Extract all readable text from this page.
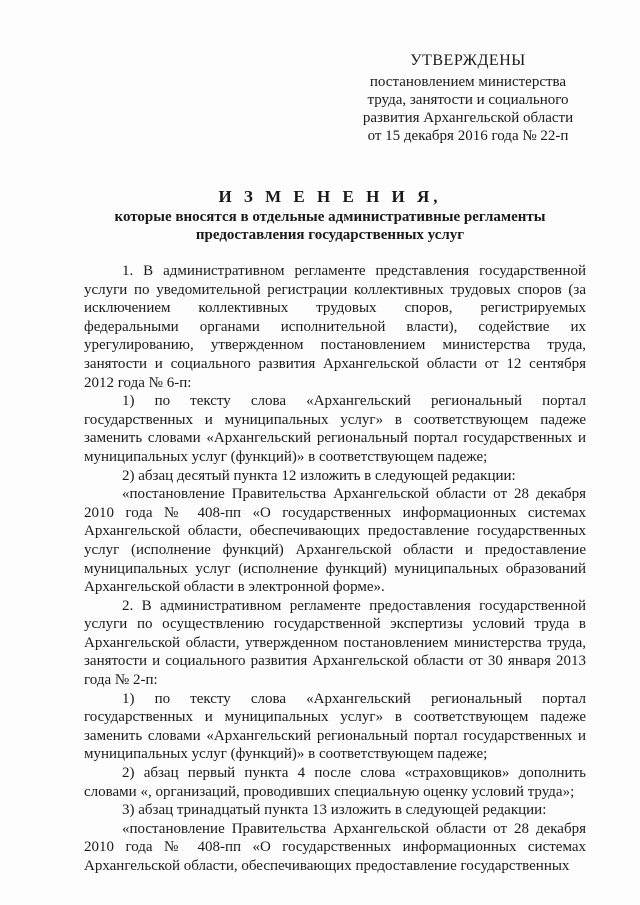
УТВЕРЖДЕНЫ
постановлением министерства
труда, занятости и социального
развития Архангельской области
от 15 декабря 2016 года № 22-п
И З М Е Н Е Н И Я,
которые вносятся в отдельные административные регламенты
предоставления государственных услуг

1. В административном регламенте представления государственной услуги по уведомительной регистрации коллективных трудовых споров (за исключением коллективных трудовых споров, регистрируемых федеральными органами исполнительной власти), содействие их урегулированию, утвержденном постановлением министерства труда, занятости и социального развития Архангельской области от 12 сентября 2012 года № 6-п:

1) по тексту слова «Архангельский региональный портал государственных и муниципальных услуг» в соответствующем падеже заменить словами «Архангельский региональный портал государственных и муниципальных услуг (функций)» в соответствующем падеже;

2) абзац десятый пункта 12 изложить в следующей редакции:

«постановление Правительства Архангельской области от 28 декабря 2010 года № 408-пп «О государственных информационных системах Архангельской области, обеспечивающих предоставление государственных услуг (исполнение функций) Архангельской области и предоставление муниципальных услуг (исполнение функций) муниципальных образований Архангельской области в электронной форме».

2. В административном регламенте предоставления государственной услуги по осуществлению государственной экспертизы условий труда в Архангельской области, утвержденном постановлением министерства труда, занятости и социального развития Архангельской области от 30 января 2013 года № 2-п:

1) по тексту слова «Архангельский региональный портал государственных и муниципальных услуг» в соответствующем падеже заменить словами «Архангельский региональный портал государственных и муниципальных услуг (функций)» в соответствующем падеже;

2) абзац первый пункта 4 после слова «страховщиков» дополнить словами «, организаций, проводивших специальную оценку условий труда»;

3) абзац тринадцатый пункта 13 изложить в следующей редакции:

«постановление Правительства Архангельской области от 28 декабря 2010 года № 408-пп «О государственных информационных системах Архангельской области, обеспечивающих предоставление государственных
